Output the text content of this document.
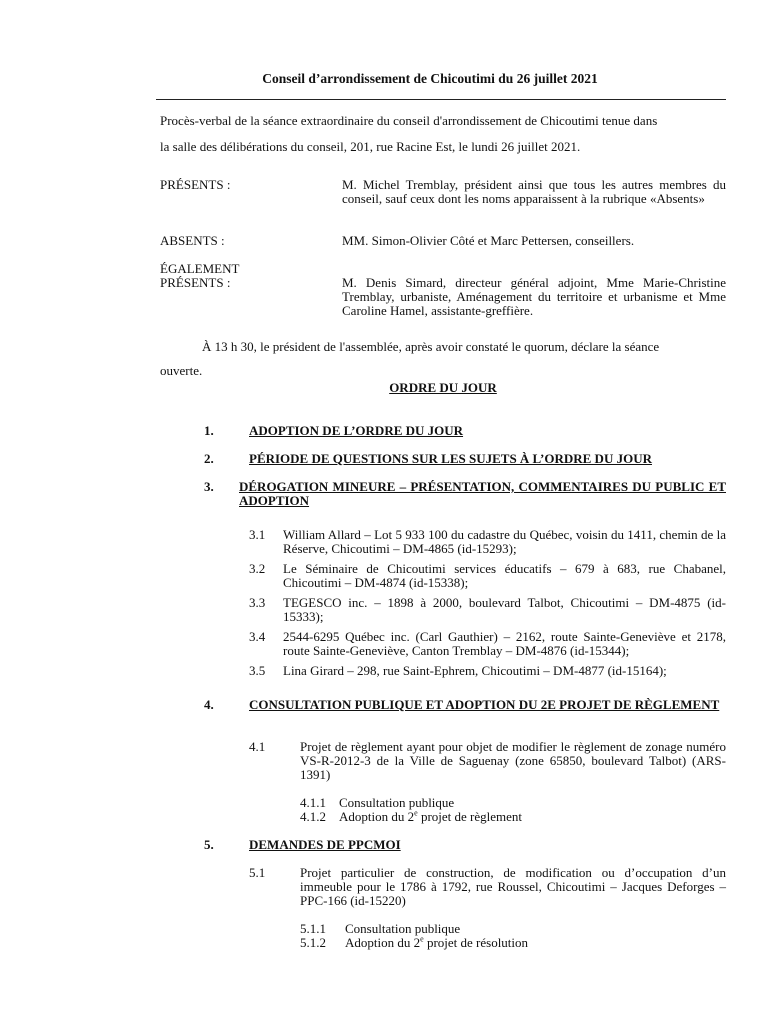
Conseil d’arrondissement de Chicoutimi du 26 juillet 2021
Procès-verbal de la séance extraordinaire du conseil d'arrondissement de Chicoutimi tenue dans
la salle des délibérations du conseil, 201, rue Racine Est, le lundi 26 juillet 2021.
PRÉSENTS :	M. Michel Tremblay, président ainsi que tous les autres membres du conseil, sauf ceux dont les noms apparaissent à la rubrique «Absents»
ABSENTS :	MM. Simon-Olivier Côté et Marc Pettersen, conseillers.
ÉGALEMENT
PRÉSENTS :	M. Denis Simard, directeur général adjoint, Mme Marie-Christine Tremblay, urbaniste, Aménagement du territoire et urbanisme et Mme Caroline Hamel, assistante-greffière.
À 13 h 30, le président de l'assemblée, après avoir constaté le quorum, déclare la séance
ouverte.
ORDRE DU JOUR
1.	ADOPTION DE L’ORDRE DU JOUR
2.	PÉRIODE DE QUESTIONS SUR LES SUJETS À L’ORDRE DU JOUR
3. DÉROGATION MINEURE – PRÉSENTATION, COMMENTAIRES DU PUBLIC ET ADOPTION
3.1 William Allard – Lot 5 933 100 du cadastre du Québec, voisin du 1411, chemin de la Réserve, Chicoutimi – DM-4865 (id-15293);
3.2 Le Séminaire de Chicoutimi services éducatifs – 679 à 683, rue Chabanel, Chicoutimi – DM-4874 (id-15338);
3.3 TEGESCO inc. – 1898 à 2000, boulevard Talbot, Chicoutimi – DM-4875 (id-15333);
3.4 2544-6295 Québec inc. (Carl Gauthier) – 2162, route Sainte-Geneviève et 2178, route Sainte-Geneviève, Canton Tremblay – DM-4876 (id-15344);
3.5 Lina Girard – 298, rue Saint-Ephrem, Chicoutimi – DM-4877 (id-15164);
4.	CONSULTATION PUBLIQUE ET ADOPTION DU 2E PROJET DE RÈGLEMENT
4.1	Projet de règlement ayant pour objet de modifier le règlement de zonage numéro VS-R-2012-3 de la Ville de Saguenay (zone 65850, boulevard Talbot) (ARS-1391)
4.1.1 Consultation publique
4.1.2 Adoption du 2e projet de règlement
5.	DEMANDES DE PPCMOI
5.1	Projet particulier de construction, de modification ou d’occupation d’un immeuble pour le 1786 à 1792, rue Roussel, Chicoutimi – Jacques Deforges – PPC-166 (id-15220)
5.1.1 Consultation publique
5.1.2 Adoption du 2e projet de résolution
